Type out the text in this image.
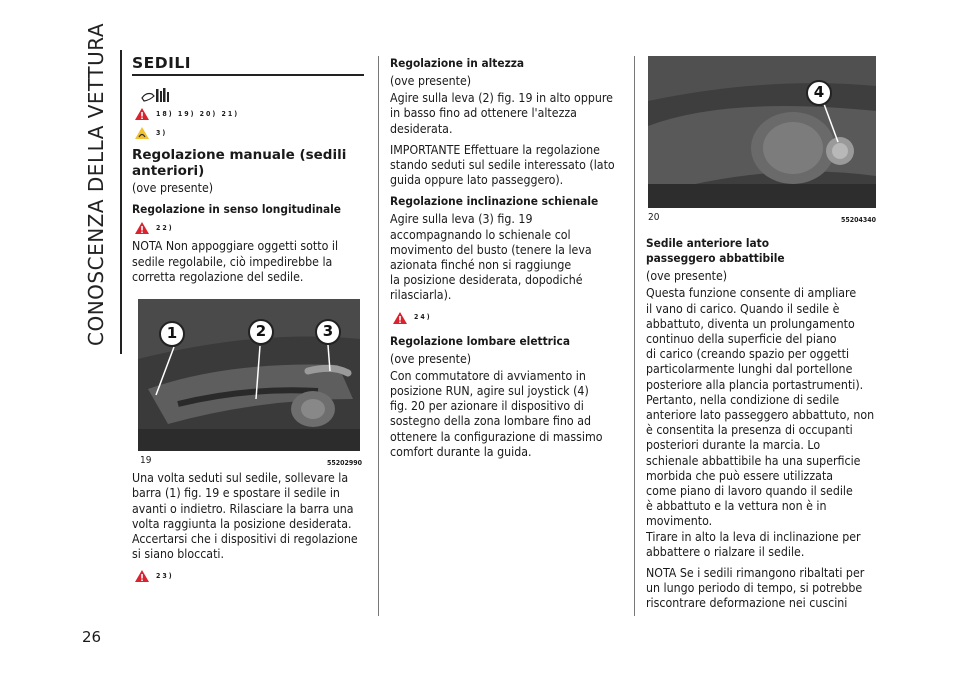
CONOSCENZA DELLA VETTURA
26
SEDILI
18) 19) 20) 21)
3)
Regolazione manuale (sedili anteriori)

(ove presente)

Regolazione in senso longitudinale
22)

NOTA Non appoggiare oggetti sotto il
sedile regolabile, ciò impedirebbe la
corretta regolazione del sedile.

1	2	3
19	55202990

Una volta seduti sul sedile, sollevare la
barra (1) fig. 19 e spostare il sedile in
avanti o indietro. Rilasciare la barra una
volta raggiunta la posizione desiderata.
Accertarsi che i dispositivi di regolazione
si siano bloccati.

23)
Regolazione in altezza

(ove presente)

Agire sulla leva (2) fig. 19 in alto oppure
in basso fino ad ottenere l'altezza
desiderata.

IMPORTANTE Effettuare la regolazione
stando seduti sul sedile interessato (lato
guida oppure lato passeggero).

Regolazione inclinazione schienale

Agire sulla leva (3) fig. 19
accompagnando lo schienale col
movimento del busto (tenere la leva
azionata finché non si raggiunge
la posizione desiderata, dopodiché
rilasciarla).

24)
Regolazione lombare elettrica

(ove presente)

Con commutatore di avviamento in
posizione RUN, agire sul joystick (4)
fig. 20 per azionare il dispositivo di
sostegno della zona lombare fino ad
ottenere la configurazione di massimo
comfort durante la guida.

4
20	55204340
Sedile anteriore lato passeggero abbattibile

(ove presente)

Questa funzione consente di ampliare
il vano di carico. Quando il sedile è
abbattuto, diventa un prolungamento
continuo della superficie del piano
di carico (creando spazio per oggetti
particolarmente lunghi dal portellone
posteriore alla plancia portastrumenti).
Pertanto, nella condizione di sedile
anteriore lato passeggero abbattuto, non
è consentita la presenza di occupanti
posteriori durante la marcia. Lo
schienale abbattibile ha una superficie
morbida che può essere utilizzata
come piano di lavoro quando il sedile
è abbattuto e la vettura non è in
movimento.
Tirare in alto la leva di inclinazione per
abbattere o rialzare il sedile.

NOTA Se i sedili rimangono ribaltati per
un lungo periodo di tempo, si potrebbe
riscontrare deformazione nei cuscini
